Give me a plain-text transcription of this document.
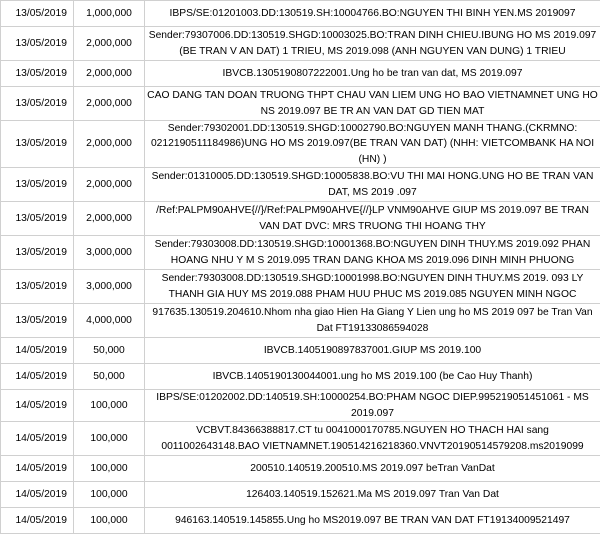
13/05/2019	1,000,000	IBPS/SE:01201003.DD:130519.SH:10004766.BO:NGUYEN THI BINH YEN.MS 2019097
13/05/2019	2,000,000	Sender:79307006.DD:130519.SHGD:10003025.BO:TRAN DINH CHIEU.IBUNG HO MS 2019.097 (BE TRAN V AN DAT) 1 TRIEU, MS 2019.098 (ANH NGUYEN VAN DUNG) 1 TRIEU
13/05/2019	2,000,000	IBVCB.1305190807222001.Ung ho be tran van dat, MS 2019.097
13/05/2019	2,000,000	CAO DANG TAN DOAN TRUONG THPT CHAU VAN LIEM UNG HO BAO VIETNAMNET UNG HO NS 2019.097 BE TR AN VAN DAT GD TIEN MAT
13/05/2019	2,000,000	Sender:79302001.DD:130519.SHGD:10002790.BO:NGUYEN MANH THANG.(CKRMNO: 0212190511184986)UNG HO MS 2019.097(BE TRAN VAN DAT) (NHH: VIETCOMBANK HA NOI (HN) )
13/05/2019	2,000,000	Sender:01310005.DD:130519.SHGD:10005838.BO:VU THI MAI HONG.UNG HO BE TRAN VAN DAT, MS 2019 .097
13/05/2019	2,000,000	/Ref:PALPM90AHVE{//}/Ref:PALPM90AHVE{//}LP VNM90AHVE GIUP MS 2019.097 BE TRAN VAN DAT DVC: MRS TRUONG THI HOANG THY
13/05/2019	3,000,000	Sender:79303008.DD:130519.SHGD:10001368.BO:NGUYEN DINH THUY.MS 2019.092 PHAN HOANG NHU Y M S 2019.095 TRAN DANG KHOA MS 2019.096 DINH MINH PHUONG
13/05/2019	3,000,000	Sender:79303008.DD:130519.SHGD:10001998.BO:NGUYEN DINH THUY.MS 2019. 093 LY THANH GIA HUY MS 2019.088 PHAM HUU PHUC MS 2019.085 NGUYEN MINH NGOC
13/05/2019	4,000,000	917635.130519.204610.Nhom nha giao Hien Ha Giang Y Lien ung ho MS 2019 097 be Tran Van Dat FT19133086594028
14/05/2019	50,000	IBVCB.1405190897837001.GIUP MS 2019.100
14/05/2019	50,000	IBVCB.1405190130044001.ung ho MS 2019.100 (be Cao Huy Thanh)
14/05/2019	100,000	IBPS/SE:01202002.DD:140519.SH:10000254.BO:PHAM NGOC DIEP.995219051451061 - MS 2019.097
14/05/2019	100,000	VCBVT.84366388817.CT tu 0041000170785.NGUYEN HO THACH HAI sang 0011002643148.BAO VIETNAMNET.190514216218360.VNVT20190514579208.ms2019099
14/05/2019	100,000	200510.140519.200510.MS 2019.097 beTran VanDat
14/05/2019	100,000	126403.140519.152621.Ma MS 2019.097 Tran Van Dat
14/05/2019	100,000	946163.140519.145855.Ung ho MS2019.097 BE TRAN VAN DAT FT19134009521497
